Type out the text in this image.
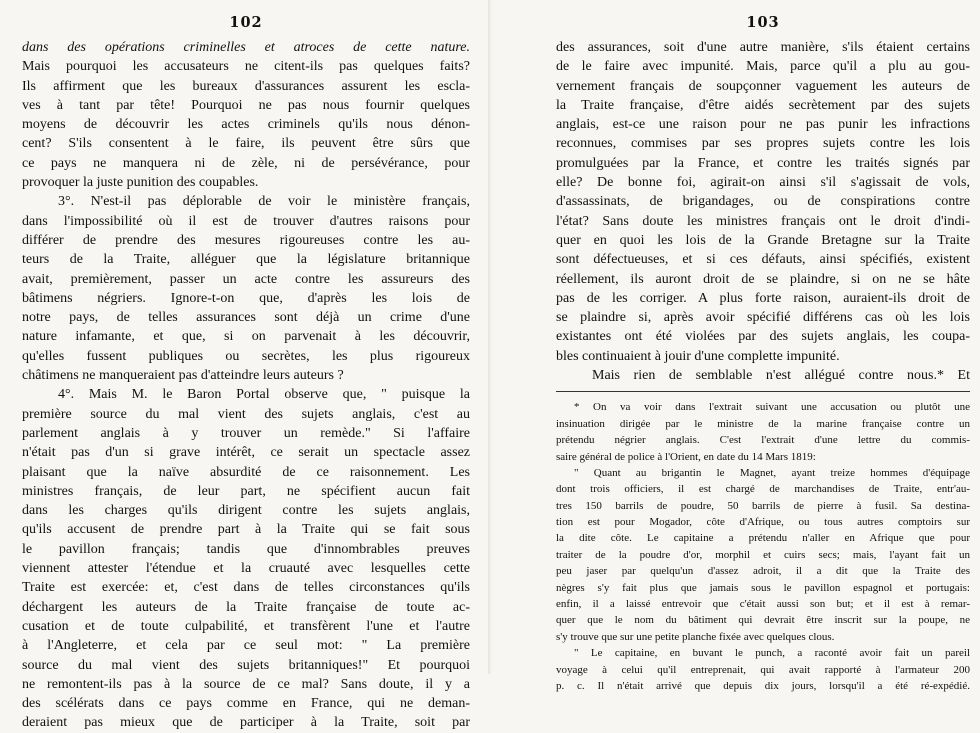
102
dans des opérations criminelles et atroces de cette nature.
Mais pourquoi les accusateurs ne citent-ils pas quelques faits?
Ils affirment que les bureaux d'assurances assurent les escla-
ves à tant par tête! Pourquoi ne pas nous fournir quelques
moyens de découvrir les actes criminels qu'ils nous dénon-
cent? S'ils consentent à le faire, ils peuvent être sûrs que
ce pays ne manquera ni de zèle, ni de persévérance, pour
provoquer la juste punition des coupables.
3°. N'est-il pas déplorable de voir le ministère français,
dans l'impossibilité où il est de trouver d'autres raisons pour
différer de prendre des mesures rigoureuses contre les au-
teurs de la Traite, alléguer que la législature britannique
avait, premièrement, passer un acte contre les assureurs des
bâtimens négriers. Ignore-t-on que, d'après les lois de
notre pays, de telles assurances sont déjà un crime d'une
nature infamante, et que, si on parvenait à les découvrir,
qu'elles fussent publiques ou secrètes, les plus rigoureux
châtimens ne manqueraient pas d'atteindre leurs auteurs ?
4°. Mais M. le Baron Portal observe que, " puisque la
première source du mal vient des sujets anglais, c'est au
parlement anglais à y trouver un remède." Si l'affaire
n'était pas d'un si grave intérêt, ce serait un spectacle assez
plaisant que la naïve absurdité de ce raisonnement. Les
ministres français, de leur part, ne spécifient aucun fait
dans les charges qu'ils dirigent contre les sujets anglais,
qu'ils accusent de prendre part à la Traite qui se fait sous
le pavillon français; tandis que d'innombrables preuves
viennent attester l'étendue et la cruauté avec lesquelles cette
Traite est exercée: et, c'est dans de telles circonstances qu'ils
déchargent les auteurs de la Traite française de toute ac-
cusation et de toute culpabilité, et transfèrent l'une et l'autre
à l'Angleterre, et cela par ce seul mot: " La première
source du mal vient des sujets britanniques!" Et pourquoi
ne remontent-ils pas à la source de ce mal? Sans doute, il y a
des scélérats dans ce pays comme en France, qui ne deman-
deraient pas mieux que de participer à la Traite, soit par
103
des assurances, soit d'une autre manière, s'ils étaient certains
de le faire avec impunité. Mais, parce qu'il a plu au gou-
vernement français de soupçonner vaguement les auteurs de
la Traite française, d'être aidés secrètement par des sujets
anglais, est-ce une raison pour ne pas punir les infractions
reconnues, commises par ses propres sujets contre les lois
promulguées par la France, et contre les traités signés par
elle? De bonne foi, agirait-on ainsi s'il s'agissait de vols,
d'assassinats, de brigandages, ou de conspirations contre
l'état? Sans doute les ministres français ont le droit d'indi-
quer en quoi les lois de la Grande Bretagne sur la Traite
sont défectueuses, et si ces défauts, ainsi spécifiés, existent
réellement, ils auront droit de se plaindre, si on ne se hâte
pas de les corriger. A plus forte raison, auraient-ils droit de
se plaindre si, après avoir spécifié différens cas où les lois
existantes ont été violées par des sujets anglais, les coupa-
bles continuaient à jouir d'une complette impunité.
Mais rien de semblable n'est allégué contre nous.* Et
* On va voir dans l'extrait suivant une accusation ou plutôt une
insinuation dirigée par le ministre de la marine française contre un
prétendu négrier anglais. C'est l'extrait d'une lettre du commis-
saire général de police à l'Orient, en date du 14 Mars 1819:
" Quant au brigantin le Magnet, ayant treize hommes d'équipage
dont trois officiers, il est chargé de marchandises de Traite, entr'au-
tres 150 barrils de poudre, 50 barrils de pierre à fusil. Sa destina-
tion est pour Mogador, côte d'Afrique, ou tous autres comptoirs sur
la dite côte. Le capitaine a prétendu n'aller en Afrique que pour
traiter de la poudre d'or, morphil et cuirs secs; mais, l'ayant fait un
peu jaser par quelqu'un d'assez adroit, il a dit que la Traite des
nègres s'y fait plus que jamais sous le pavillon espagnol et portugais:
enfin, il a laissé entrevoir que c'était aussi son but; et il est à remar-
quer que le nom du bâtiment qui devrait être inscrit sur la poupe, ne
s'y trouve que sur une petite planche fixée avec quelques clous.
" Le capitaine, en buvant le punch, a raconté avoir fait un pareil
voyage à celui qu'il entreprenait, qui avait rapporté à l'armateur 200
p. c. Il n'était arrivé que depuis dix jours, lorsqu'il a été ré-expédié.
